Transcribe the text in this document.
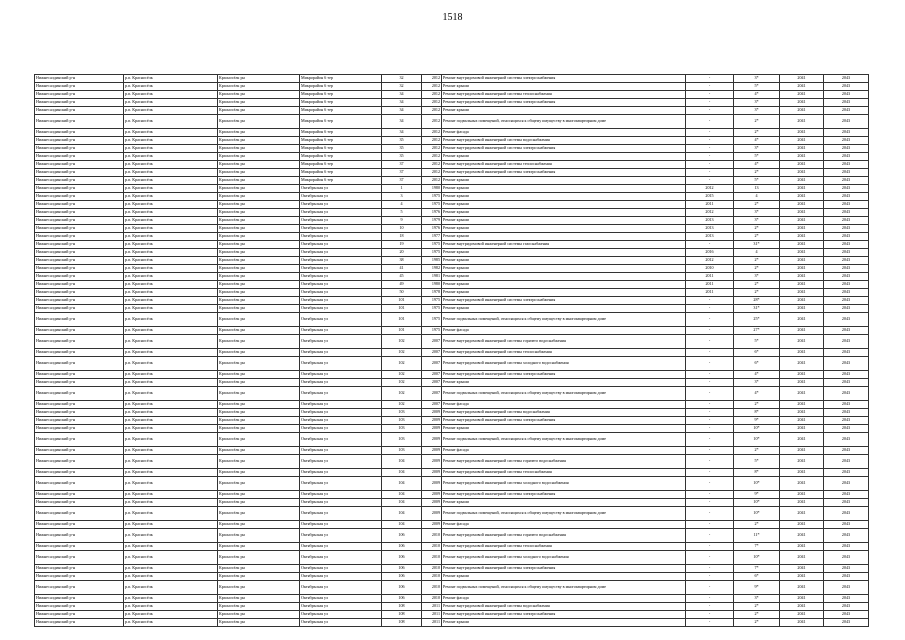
1518
Нижнесалдинский р-н	р.п. Красносёлк	Красносёлк рн	Микрорайон 6 тер	32	2012	Ремонт внутридомовой инженерной системы электроснабжения	-	3*	2041	2043
Нижнесалдинский р-н	р.п. Красносёлк	Красносёлк рн	Микрорайон 6 тер	32	2012	Ремонт крыши	-	5*	2041	2043
Нижнесалдинский р-н	р.п. Красносёлк	Красносёлк рн	Микрорайон 6 тер	34	2012	Ремонт внутридомовой инженерной системы теплоснабжения	-	4*	2041	2043
Нижнесалдинский р-н	р.п. Красносёлк	Красносёлк рн	Микрорайон 6 тер	34	2012	Ремонт внутридомовой инженерной системы электроснабжения	-	3*	2041	2043
Нижнесалдинский р-н	р.п. Красносёлк	Красносёлк рн	Микрорайон 6 тер	34	2012	Ремонт крыши	-	3*	2041	2043
Нижнесалдинский р-н	р.п. Красносёлк	Красносёлк рн	Микрорайон 6 тер	34	2012	Ремонт подвальных помещений, относящихся к общему имуществу в многоквартирном доме	-	2*	2041	2043
Нижнесалдинский р-н	р.п. Красносёлк	Красносёлк рн	Микрорайон 6 тер	34	2012	Ремонт фасада	-	2*	2041	2043
Нижнесалдинский р-н	р.п. Красносёлк	Красносёлк рн	Микрорайон 6 тер	35	2012	Ремонт внутридомовой инженерной системы водоснабжения	-	4*	2041	2043
Нижнесалдинский р-н	р.п. Красносёлк	Красносёлк рн	Микрорайон 6 тер	35	2012	Ремонт внутридомовой инженерной системы электроснабжения	-	3*	2041	2043
Нижнесалдинский р-н	р.п. Красносёлк	Красносёлк рн	Микрорайон 6 тер	35	2012	Ремонт крыши	-	5*	2041	2043
Нижнесалдинский р-н	р.п. Красносёлк	Красносёлк рн	Микрорайон 6 тер	37	2012	Ремонт внутридомовой инженерной системы теплоснабжения	-	4*	2041	2043
Нижнесалдинский р-н	р.п. Красносёлк	Красносёлк рн	Микрорайон 6 тер	37	2012	Ремонт внутридомовой инженерной системы электроснабжения	-	2*	2041	2043
Нижнесалдинский р-н	р.п. Красносёлк	Красносёлк рн	Микрорайон 6 тер	37	2012	Ремонт крыши	-	5*	2041	2043
Нижнесалдинский р-н	р.п. Красносёлк	Красносёлк рн	Октябрьская ул	1	1980	Ремонт крыши	2012	13	2041	2043
Нижнесалдинский р-н	р.п. Красносёлк	Красносёлк рн	Октябрьская ул	3	1975	Ремонт крыши	2015	4	2041	2043
Нижнесалдинский р-н	р.п. Красносёлк	Красносёлк рн	Октябрьская ул	4	1975	Ремонт крыши	2011	2*	2041	2043
Нижнесалдинский р-н	р.п. Красносёлк	Красносёлк рн	Октябрьская ул	5	1976	Ремонт крыши	2012	3*	2041	2043
Нижнесалдинский р-н	р.п. Красносёлк	Красносёлк рн	Октябрьская ул	9	1979	Ремонт крыши	2013	3*	2041	2043
Нижнесалдинский р-н	р.п. Красносёлк	Красносёлк рн	Октябрьская ул	10	1976	Ремонт крыши	2013	2*	2041	2043
Нижнесалдинский р-н	р.п. Красносёлк	Красносёлк рн	Октябрьская ул	18	1977	Ремонт крыши	2013	2*	2041	2043
Нижнесалдинский р-н	р.п. Красносёлк	Красносёлк рн	Октябрьская ул	19	1975	Ремонт внутридомовой инженерной системы газоснабжения	-	31*	2041	2043
Нижнесалдинский р-н	р.п. Красносёлк	Красносёлк рн	Октябрьская ул	20	1975	Ремонт крыши	2016	4	2041	2043
Нижнесалдинский р-н	р.п. Красносёлк	Красносёлк рн	Октябрьская ул	38	1985	Ремонт крыши	2012	2*	2041	2043
Нижнесалдинский р-н	р.п. Красносёлк	Красносёлк рн	Октябрьская ул	41	1982	Ремонт крыши	2010	2*	2041	2043
Нижнесалдинский р-н	р.п. Красносёлк	Красносёлк рн	Октябрьская ул	45	1981	Ремонт крыши	2011	3*	2041	2043
Нижнесалдинский р-н	р.п. Красносёлк	Красносёлк рн	Октябрьская ул	49	1980	Ремонт крыши	2011	2*	2041	2043
Нижнесалдинский р-н	р.п. Красносёлк	Красносёлк рн	Октябрьская ул	50	1978	Ремонт крыши	2011	2*	2041	2043
Нижнесалдинский р-н	р.п. Красносёлк	Красносёлк рн	Октябрьская ул	101	1975	Ремонт внутридомовой инженерной системы электроснабжения	-	28*	2041	2043
Нижнесалдинский р-н	р.п. Красносёлк	Красносёлк рн	Октябрьская ул	101	1975	Ремонт крыши	-	31*	2041	2043
Нижнесалдинский р-н	р.п. Красносёлк	Красносёлк рн	Октябрьская ул	101	1975	Ремонт подвальных помещений, относящихся к общему имуществу в многоквартирном доме	-	25*	2041	2043
Нижнесалдинский р-н	р.п. Красносёлк	Красносёлк рн	Октябрьская ул	101	1975	Ремонт фасада	-	27*	2041	2043
Нижнесалдинский р-н	р.п. Красносёлк	Красносёлк рн	Октябрьская ул	102	2007	Ремонт внутридомовой инженерной системы горячего водоснабжения	-	5*	2041	2043
Нижнесалдинский р-н	р.п. Красносёлк	Красносёлк рн	Октябрьская ул	102	2007	Ремонт внутридомовой инженерной системы теплоснабжения	-	6*	2041	2043
Нижнесалдинский р-н	р.п. Красносёлк	Красносёлк рн	Октябрьская ул	102	2007	Ремонт внутридомовой инженерной системы холодного водоснабжения	-	6*	2041	2043
Нижнесалдинский р-н	р.п. Красносёлк	Красносёлк рн	Октябрьская ул	102	2007	Ремонт внутридомовой инженерной системы электроснабжения	-	4*	2041	2043
Нижнесалдинский р-н	р.п. Красносёлк	Красносёлк рн	Октябрьская ул	102	2007	Ремонт крыши	-	3*	2041	2043
Нижнесалдинский р-н	р.п. Красносёлк	Красносёлк рн	Октябрьская ул	102	2007	Ремонт подвальных помещений, относящихся к общему имуществу в многоквартирном доме	-	4*	2041	2043
Нижнесалдинский р-н	р.п. Красносёлк	Красносёлк рн	Октябрьская ул	102	2007	Ремонт фасада	-	2*	2041	2043
Нижнесалдинский р-н	р.п. Красносёлк	Красносёлк рн	Октябрьская ул	103	2009	Ремонт внутридомовой инженерной системы водоснабжения	-	8*	2041	2043
Нижнесалдинский р-н	р.п. Красносёлк	Красносёлк рн	Октябрьская ул	103	2009	Ремонт внутридомовой инженерной системы электроснабжения	-	9*	2041	2043
Нижнесалдинский р-н	р.п. Красносёлк	Красносёлк рн	Октябрьская ул	103	2009	Ремонт крыши	-	10*	2041	2043
Нижнесалдинский р-н	р.п. Красносёлк	Красносёлк рн	Октябрьская ул	103	2009	Ремонт подвальных помещений, относящихся к общему имуществу в многоквартирном доме	-	10*	2041	2043
Нижнесалдинский р-н	р.п. Красносёлк	Красносёлк рн	Октябрьская ул	103	2009	Ремонт фасада	-	2*	2041	2043
Нижнесалдинский р-н	р.п. Красносёлк	Красносёлк рн	Октябрьская ул	104	2009	Ремонт внутридомовой инженерной системы горячего водоснабжения	-	5*	2041	2043
Нижнесалдинский р-н	р.п. Красносёлк	Красносёлк рн	Октябрьская ул	104	2009	Ремонт внутридомовой инженерной системы теплоснабжения	-	8*	2041	2043
Нижнесалдинский р-н	р.п. Красносёлк	Красносёлк рн	Октябрьская ул	104	2009	Ремонт внутридомовой инженерной системы холодного водоснабжения	-	10*	2041	2043
Нижнесалдинский р-н	р.п. Красносёлк	Красносёлк рн	Октябрьская ул	104	2009	Ремонт внутридомовой инженерной системы электроснабжения	-	9*	2041	2043
Нижнесалдинский р-н	р.п. Красносёлк	Красносёлк рн	Октябрьская ул	104	2009	Ремонт крыши	-	10*	2041	2043
Нижнесалдинский р-н	р.п. Красносёлк	Красносёлк рн	Октябрьская ул	104	2009	Ремонт подвальных помещений, относящихся к общему имуществу в многоквартирном доме	-	10*	2041	2043
Нижнесалдинский р-н	р.п. Красносёлк	Красносёлк рн	Октябрьская ул	104	2009	Ремонт фасада	-	2*	2041	2043
Нижнесалдинский р-н	р.п. Красносёлк	Красносёлк рн	Октябрьская ул	106	2010	Ремонт внутридомовой инженерной системы горячего водоснабжения	-	11*	2041	2043
Нижнесалдинский р-н	р.п. Красносёлк	Красносёлк рн	Октябрьская ул	106	2010	Ремонт внутридомовой инженерной системы теплоснабжения	-	7*	2041	2043
Нижнесалдинский р-н	р.п. Красносёлк	Красносёлк рн	Октябрьская ул	106	2010	Ремонт внутридомовой инженерной системы холодного водоснабжения	-	10*	2041	2043
Нижнесалдинский р-н	р.п. Красносёлк	Красносёлк рн	Октябрьская ул	106	2010	Ремонт внутридомовой инженерной системы электроснабжения	-	7*	2041	2043
Нижнесалдинский р-н	р.п. Красносёлк	Красносёлк рн	Октябрьская ул	106	2010	Ремонт крыши	-	6*	2041	2043
Нижнесалдинский р-н	р.п. Красносёлк	Красносёлк рн	Октябрьская ул	106	2010	Ремонт подвальных помещений, относящихся к общему имуществу в многоквартирном доме	-	9*	2041	2043
Нижнесалдинский р-н	р.п. Красносёлк	Красносёлк рн	Октябрьская ул	106	2010	Ремонт фасада	-	3*	2041	2043
Нижнесалдинский р-н	р.п. Красносёлк	Красносёлк рн	Октябрьская ул	108	2011	Ремонт внутридомовой инженерной системы водоснабжения	-	2*	2041	2043
Нижнесалдинский р-н	р.п. Красносёлк	Красносёлк рн	Октябрьская ул	108	2011	Ремонт внутридомовой инженерной системы электроснабжения	-	2*	2041	2043
Нижнесалдинский р-н	р.п. Красносёлк	Красносёлк рн	Октябрьская ул	108	2011	Ремонт крыши	-	2*	2041	2043
